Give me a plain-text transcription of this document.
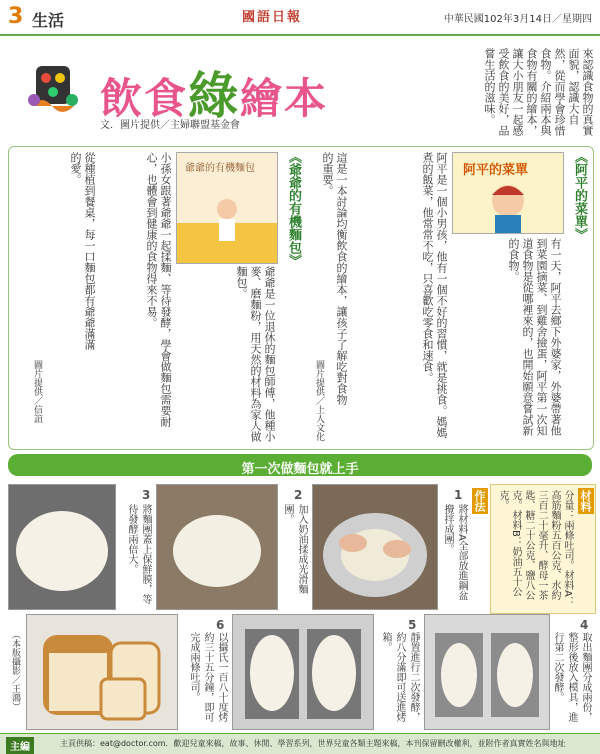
3 生活	國語日報	中華民國102年3月14日／星期四
飲食綠繪本
文．圖片提供／主婦聯盟基金會	來認識食物的真實面貌，認識大自然，從而學會珍惜食物。介紹兩本與食物有關的繪本，讓大小朋友一起感受飲食的美好，品嘗生活的滋味。
《阿平的菜單》
阿平的菜單
阿平是一個小男孩，他有一個不好的習慣，就是挑食。媽媽煮的飯菜，他常常不吃，只喜歡吃零食和速食。	有一天，阿平去鄉下外婆家，外婆帶著他到菜園摘菜、到雞舍撿蛋，阿平第一次知道食物是從哪裡來的，也開始願意嘗試新的食物。
這是一本討論均衡飲食的繪本，讓孩子了解吃對食物的重要。
圖片提供／上人文化
《爺爺的有機麵包》
爺爺的有機麵包
爺爺是一位退休的麵包師傅，他種小麥、磨麵粉，用天然的材料為家人做麵包。
小孫女跟著爺爺一起揉麵、等待發酵，學會做麵包需要耐心，也體會到健康的食物得來不易。
從種植到餐桌，每一口麵包都有爺爺滿滿的愛。
圖片提供／信誼
第一次做麵包就上手
材料
分量：兩條吐司。材料A：高筋麵粉五百公克、水約三百二十毫升、酵母一茶匙、糖二十公克、鹽八公克。材料B：奶油五十公克。
作法
1
將材料A全部放進鋼盆攪拌成團。
2
加入奶油揉成光滑麵團。
3
將麵團蓋上保鮮膜，等待發酵兩倍大。
4
取出麵團分成兩份，整形後放入模具，進行第二次發酵。
5
靜置進行二次發酵，約八分滿即可送進烤箱。
6
以攝氏一百八十度烤約三十五分鐘，即可完成兩條吐司。
（本版攝影／王鴻）
主編	主頁供稿：eat@doctor.com．歡迎兒童來稿，故事、休閒、學習系列，世界兒童各類主題來稿，本刊保留刪改權利，並附作者真實姓名與地址
